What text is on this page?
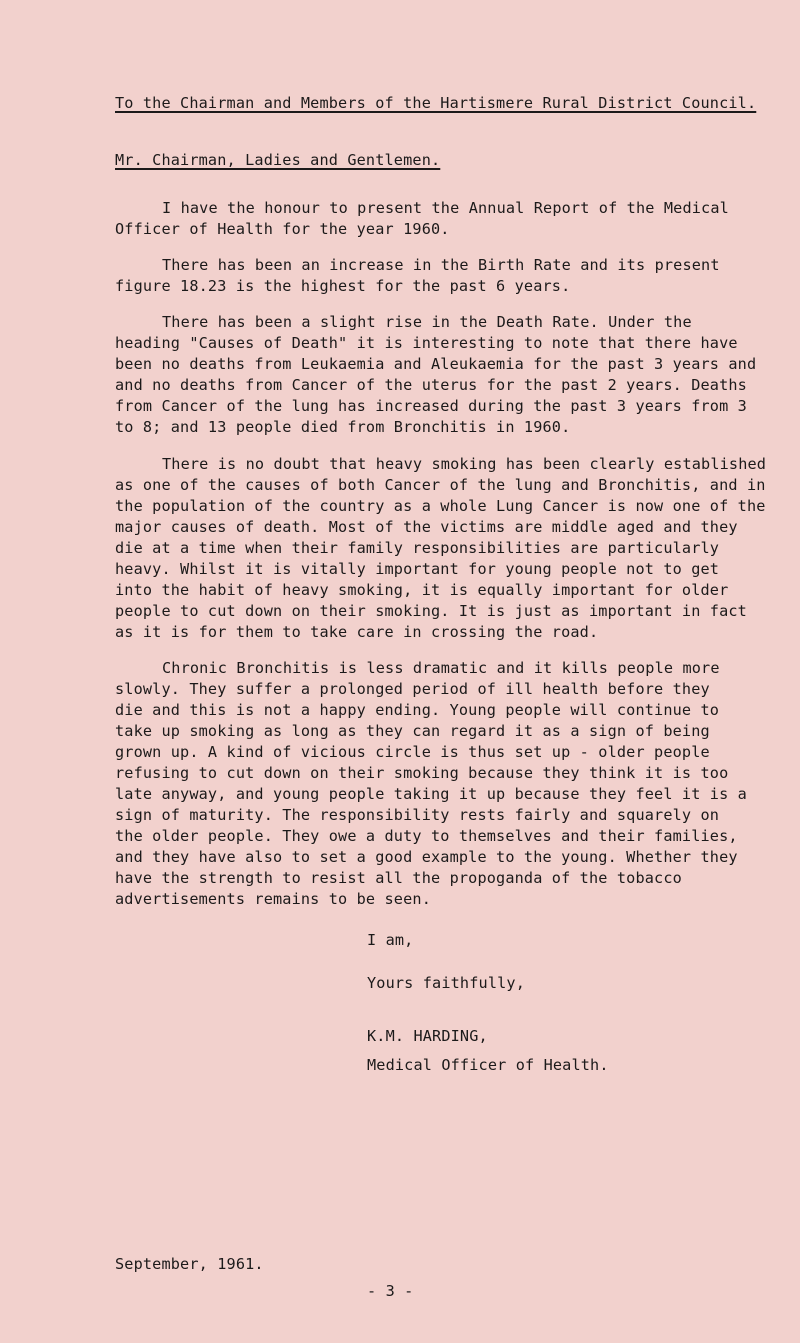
To the Chairman and Members of the Hartismere Rural District Council.
Mr. Chairman, Ladies and Gentlemen.
I have the honour to present the Annual Report of the Medical
Officer of Health for the year 1960.
There has been an increase in the Birth Rate and its present
figure 18.23 is the highest for the past 6 years.
There has been a slight rise in the Death Rate. Under the
heading "Causes of Death" it is interesting to note that there have
been no deaths from Leukaemia and Aleukaemia for the past 3 years and
and no deaths from Cancer of the uterus for the past 2 years. Deaths
from Cancer of the lung has increased during the past 3 years from 3
to 8; and 13 people died from Bronchitis in 1960.
There is no doubt that heavy smoking has been clearly established
as one of the causes of both Cancer of the lung and Bronchitis, and in
the population of the country as a whole Lung Cancer is now one of the
major causes of death. Most of the victims are middle aged and they
die at a time when their family responsibilities are particularly
heavy. Whilst it is vitally important for young people not to get
into the habit of heavy smoking, it is equally important for older
people to cut down on their smoking. It is just as important in fact
as it is for them to take care in crossing the road.
Chronic Bronchitis is less dramatic and it kills people more
slowly. They suffer a prolonged period of ill health before they
die and this is not a happy ending. Young people will continue to
take up smoking as long as they can regard it as a sign of being
grown up. A kind of vicious circle is thus set up - older people
refusing to cut down on their smoking because they think it is too
late anyway, and young people taking it up because they feel it is a
sign of maturity. The responsibility rests fairly and squarely on
the older people. They owe a duty to themselves and their families,
and they have also to set a good example to the young. Whether they
have the strength to resist all the propoganda of the tobacco
advertisements remains to be seen.
I am,
Yours faithfully,
K.M. HARDING,
Medical Officer of Health.
September, 1961.
- 3 -
